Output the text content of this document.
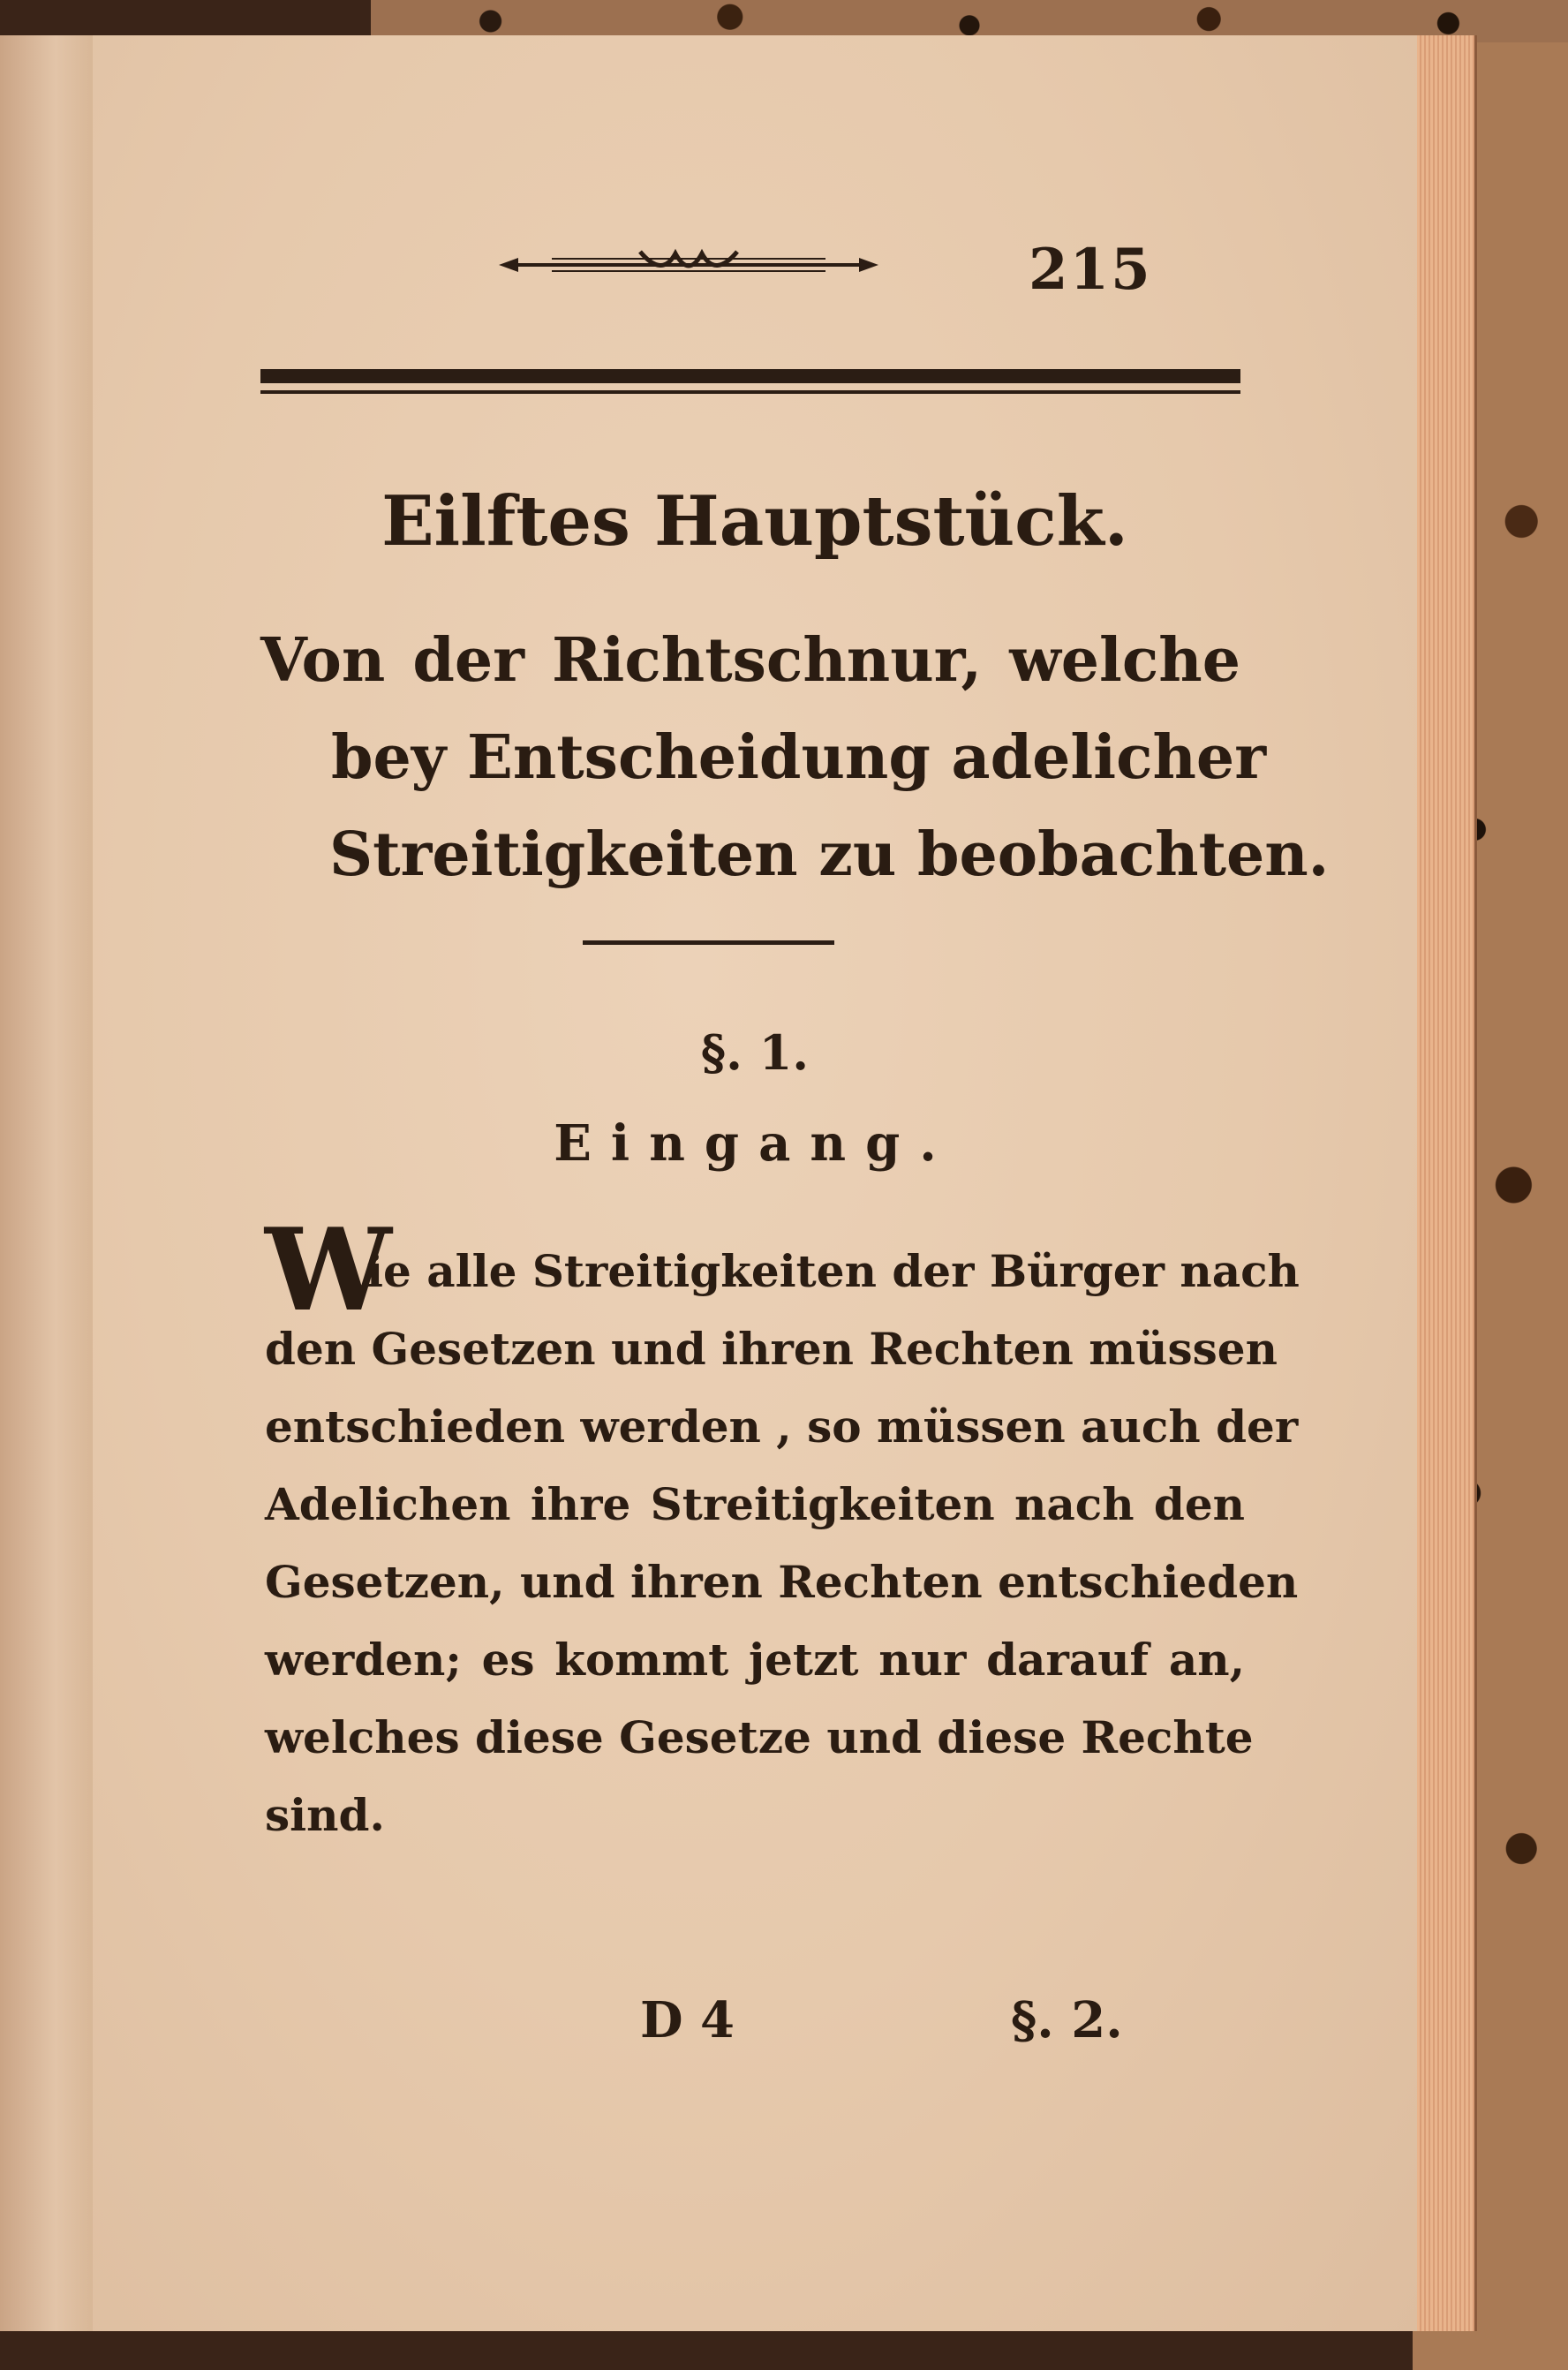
215
Eilftes Hauptstück.
Von der Richtschnur, welche
bey Entscheidung adelicher
Streitigkeiten zu beobachten.
§. 1.
Eingang.
W
ie alle Streitigkeiten der Bürger nach
den Gesetzen und ihren Rechten müssen
entschieden werden , so müssen auch der
Adelichen ihre Streitigkeiten nach den
Gesetzen, und ihren Rechten entschieden
werden; es kommt jetzt nur darauf an,
welches diese Gesetze und diese Rechte
sind.
D 4	§. 2.
